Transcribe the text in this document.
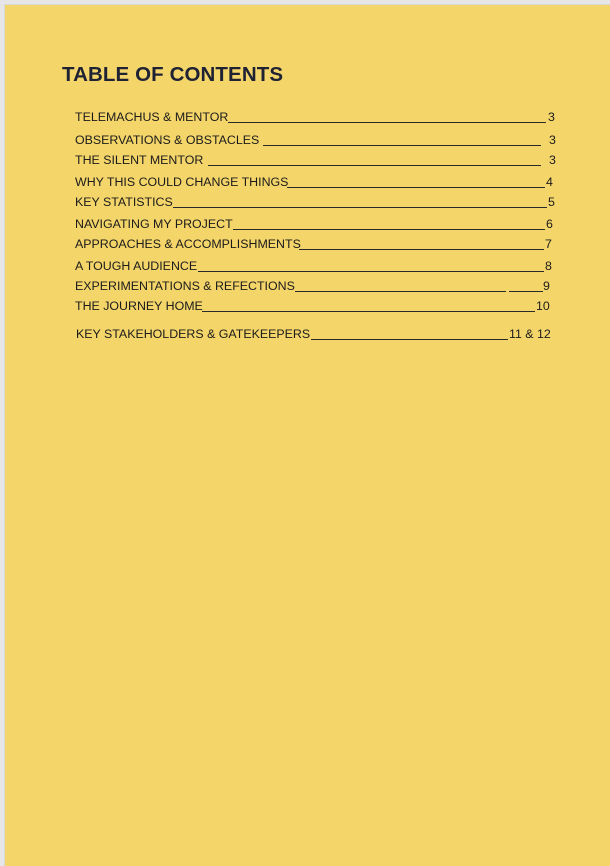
TABLE OF CONTENTS
TELEMACHUS & MENTOR	3
OBSERVATIONS & OBSTACLES	3
THE SILENT MENTOR	3
WHY THIS COULD CHANGE THINGS	4
KEY STATISTICS	5
NAVIGATING MY PROJECT	6
APPROACHES & ACCOMPLISHMENTS	7
A TOUGH AUDIENCE	8
EXPERIMENTATIONS & REFECTIONS	9
THE JOURNEY HOME	10
KEY STAKEHOLDERS & GATEKEEPERS	11 & 12
